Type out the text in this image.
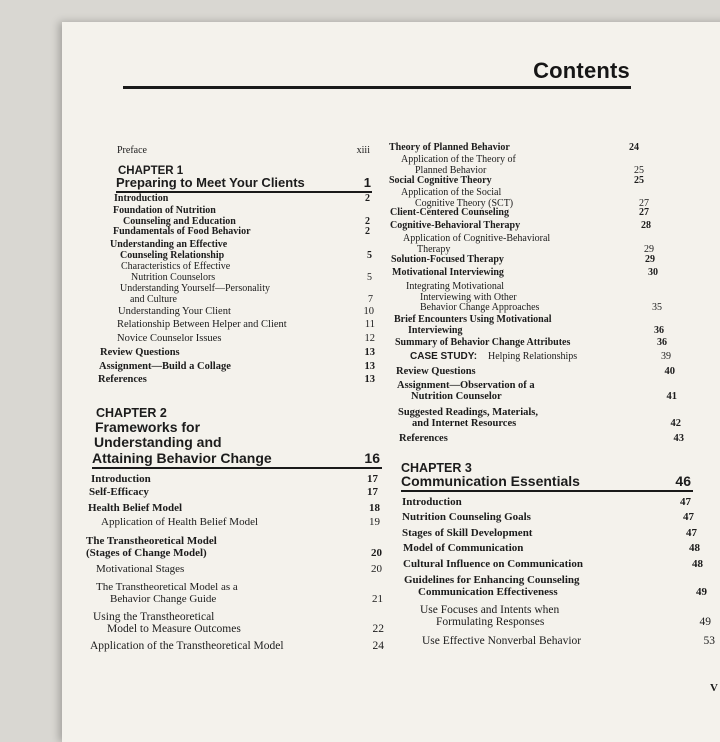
Contents
Preface	xiii
CHAPTER 1
Preparing to Meet Your Clients	1
Introduction	2
Foundation of Nutrition
Counseling and Education	2
Fundamentals of Food Behavior	2
Understanding an Effective
Counseling Relationship	5
Characteristics of Effective
Nutrition Counselors	5
Understanding Yourself—Personality
and Culture	7
Understanding Your Client	10
Relationship Between Helper and Client	11
Novice Counselor Issues	12
Review Questions	13
Assignment—Build a Collage	13
References	13
CHAPTER 2
Frameworks for
Understanding and
Attaining Behavior Change	16
Introduction	17
Self-Efficacy	17
Health Belief Model	18
Application of Health Belief Model	19
The Transtheoretical Model
(Stages of Change Model)	20
Motivational Stages	20
The Transtheoretical Model as a
Behavior Change Guide	21
Using the Transtheoretical
Model to Measure Outcomes	22
Application of the Transtheoretical Model	24
Theory of Planned Behavior	24
Application of the Theory of
Planned Behavior	25
Social Cognitive Theory	25
Application of the Social
Cognitive Theory (SCT)	27
Client-Centered Counseling	27
Cognitive-Behavioral Therapy	28
Application of Cognitive-Behavioral
Therapy	29
Solution-Focused Therapy	29
Motivational Interviewing	30
Integrating Motivational
Interviewing with Other
Behavior Change Approaches	35
Brief Encounters Using Motivational
Interviewing	36
Summary of Behavior Change Attributes	36
CASE STUDY: Helping Relationships	39
Review Questions	40
Assignment—Observation of a
Nutrition Counselor	41
Suggested Readings, Materials,
and Internet Resources	42
References	43
CHAPTER 3
Communication Essentials	46
Introduction	47
Nutrition Counseling Goals	47
Stages of Skill Development	47
Model of Communication	48
Cultural Influence on Communication	48
Guidelines for Enhancing Counseling
Communication Effectiveness	49
Use Focuses and Intents when
Formulating Responses	49
Use Effective Nonverbal Behavior	53
V
